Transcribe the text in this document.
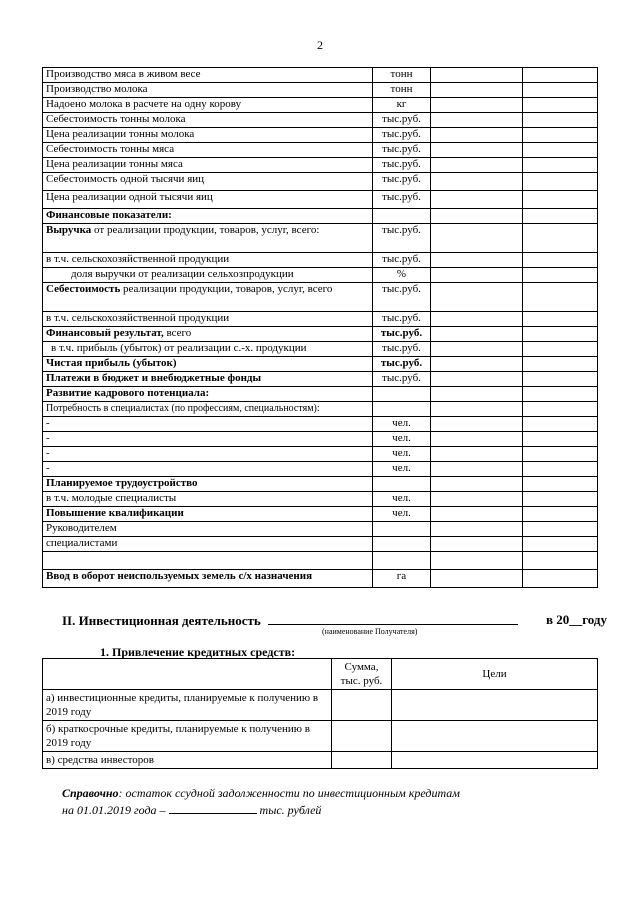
2
Производство мяса в живом весе	тонн		
Производство молока	тонн		
Надоено молока в расчете на одну корову	кг		
Себестоимость тонны молока	тыс.руб.		
Цена реализации тонны молока	тыс.руб.		
Себестоимость тонны мяса	тыс.руб.		
Цена реализации тонны мяса	тыс.руб.		
Себестоимость одной тысячи яиц	тыс.руб.		
Цена реализации одной тысячи яиц	тыс.руб.		
Финансовые показатели:			
Выручка от реализации продукции, товаров, услуг, всего:	тыс.руб.		
в т.ч. сельскохозяйственной продукции	тыс.руб.		
доля выручки от реализации сельхозпродукции	%		
Себестоимость реализации продукции, товаров, услуг, всего	тыс.руб.		
в т.ч. сельскохозяйственной продукции	тыс.руб.		
Финансовый результат, всего	тыс.руб.		
в т.ч. прибыль (убыток) от реализации с.-х. продукции	тыс.руб.		
Чистая прибыль (убыток)	тыс.руб.		
Платежи в бюджет и внебюджетные фонды	тыс.руб.		
Развитие кадрового потенциала:			
Потребность в специалистах (по профессиям, специальностям):			
-	чел.		
-	чел.		
-	чел.		
-	чел.		
Планируемое трудоустройство			
в т.ч. молодые специалисты	чел.		
Повышение квалификации	чел.		
Руководителем			
специалистами			

Ввод в оборот неиспользуемых земель с/х назначения	га		
II. Инвестиционная деятельность	в 20__году
(наименование Получателя)
1. Привлечение кредитных средств:
	Сумма, тыс. руб.	Цели
а) инвестиционные кредиты, планируемые к получению в 2019 году		
б) краткосрочные кредиты, планируемые к получению в 2019 году		
в) средства инвесторов		
Справочно: остаток ссудной задолженности по инвестиционным кредитам
на 01.01.2019 года –	тыс. рублей
